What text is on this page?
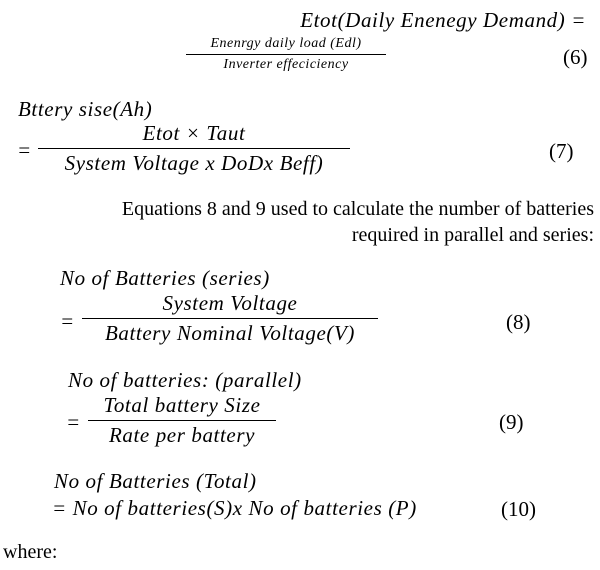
Etot(Daily Enenegy Demand) =
Enenrgy daily load (Edl)
Inverter effeciciency	(6)
Bttery sise(Ah)
=
Etot × Taut
System Voltage x DoDx Beff)	(7)
Equations 8 and 9 used to calculate the number of batteries
required in parallel and series:
No of Batteries (series)
=
System Voltage
Battery Nominal Voltage(V)	(8)
No of batteries: (parallel)
=
Total battery Size
Rate per battery
(9)
No of Batteries (Total)
= No of batteries(S)x No of batteries (P)	(10)
where:
